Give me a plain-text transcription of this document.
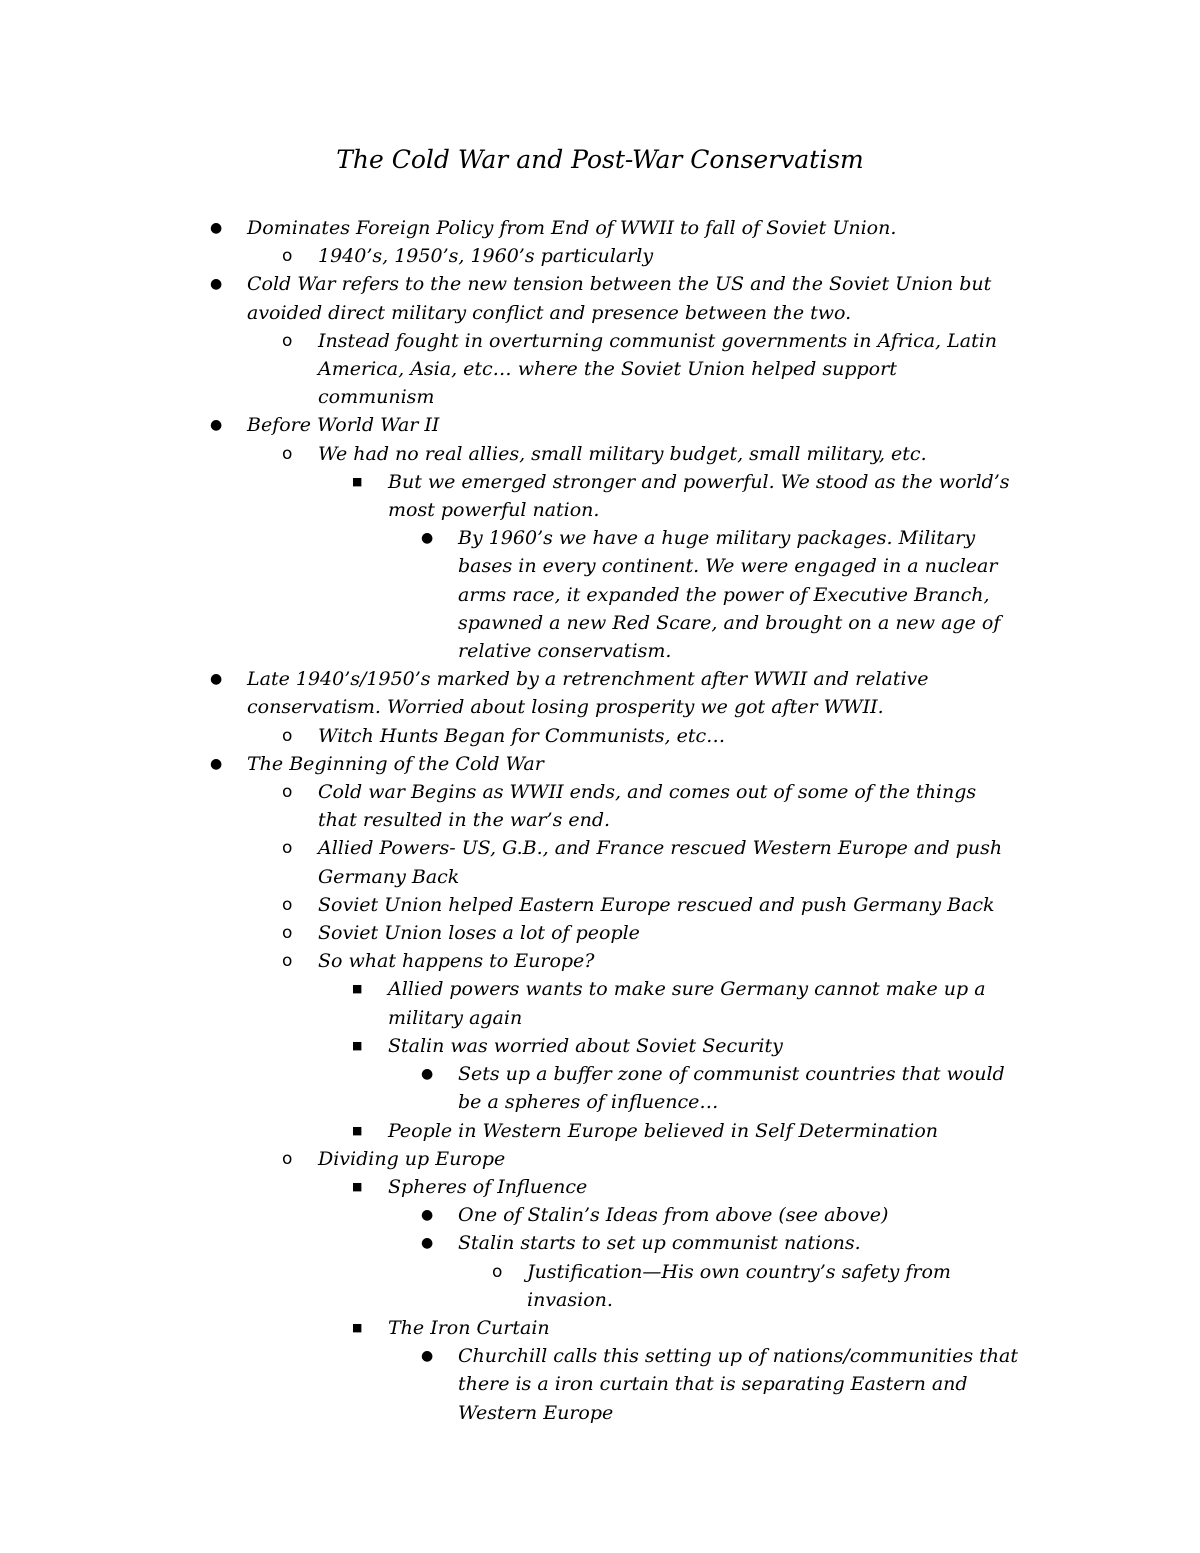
The Cold War and Post-War Conservatism
● Dominates Foreign Policy from End of WWII to fall of Soviet Union.
o 1940’s, 1950’s, 1960’s particularly
● Cold War refers to the new tension between the US and the Soviet Union but avoided direct military conflict and presence between the two.
o Instead fought in overturning communist governments in Africa, Latin America, Asia, etc… where the Soviet Union helped support communism
● Before World War II
o We had no real allies, small military budget, small military, etc.
■ But we emerged stronger and powerful. We stood as the world’s most powerful nation.
● By 1960’s we have a huge military packages. Military bases in every continent. We were engaged in a nuclear arms race, it expanded the power of Executive Branch, spawned a new Red Scare, and brought on a new age of relative conservatism.
● Late 1940’s/1950’s marked by a retrenchment after WWII and relative conservatism. Worried about losing prosperity we got after WWII.
o Witch Hunts Began for Communists, etc…
● The Beginning of the Cold War
o Cold war Begins as WWII ends, and comes out of some of the things that resulted in the war’s end.
o Allied Powers- US, G.B., and France rescued Western Europe and push Germany Back
o Soviet Union helped Eastern Europe rescued and push Germany Back
o Soviet Union loses a lot of people
o So what happens to Europe?
■ Allied powers wants to make sure Germany cannot make up a military again
■ Stalin was worried about Soviet Security
● Sets up a buffer zone of communist countries that would be a spheres of influence…
■ People in Western Europe believed in Self Determination
o Dividing up Europe
■ Spheres of Influence
● One of Stalin’s Ideas from above (see above)
● Stalin starts to set up communist nations.
o Justification—His own country’s safety from invasion.
■ The Iron Curtain
● Churchill calls this setting up of nations/communities that there is a iron curtain that is separating Eastern and Western Europe
